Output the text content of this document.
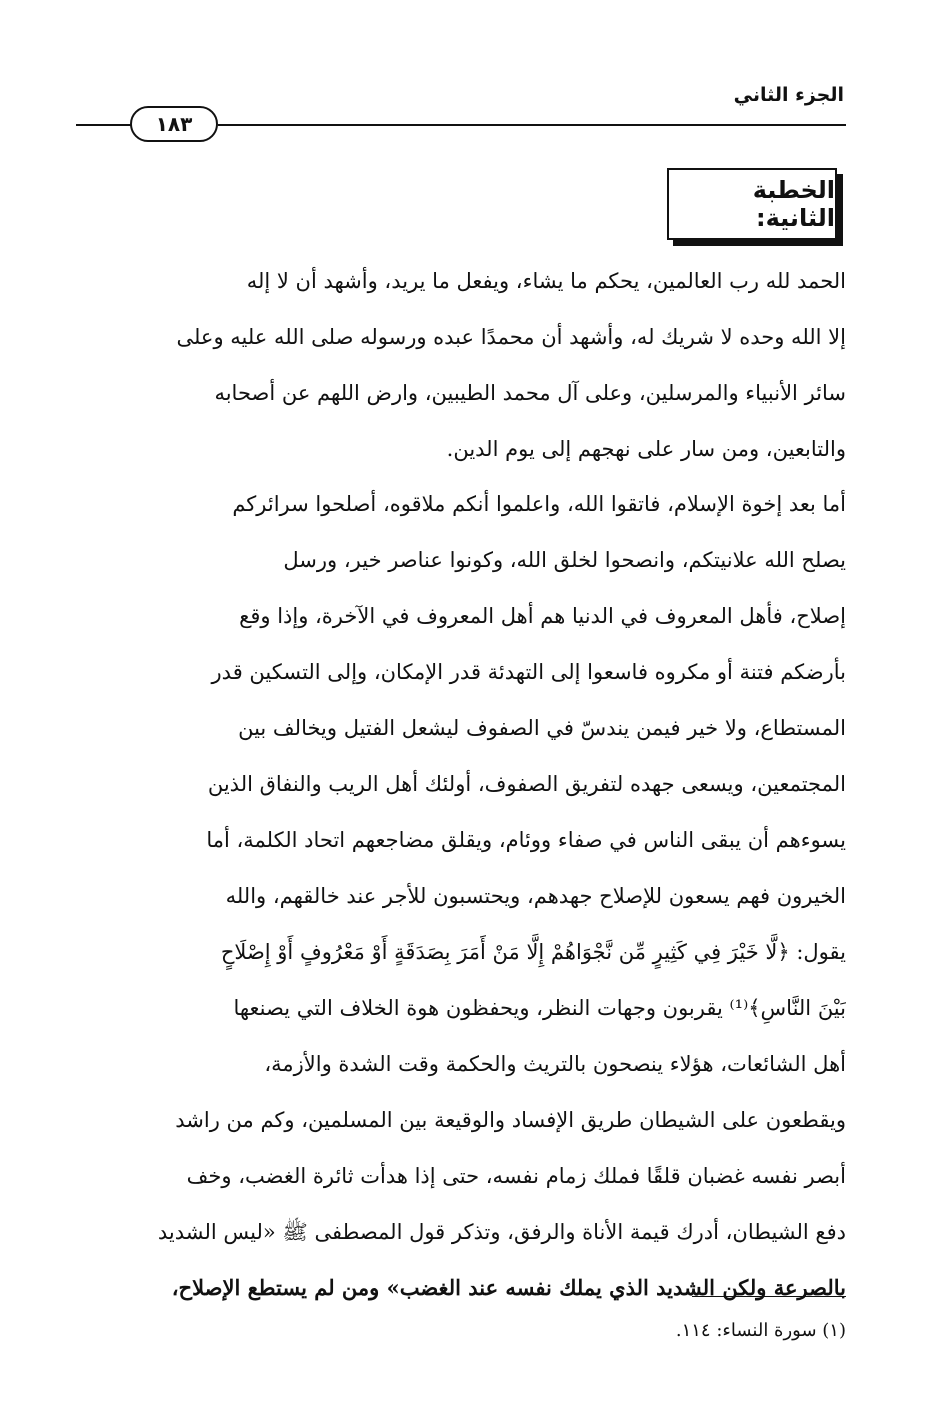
الجزء الثاني
١٨٣
الخطبة الثانية:
الحمد لله رب العالمين، يحكم ما يشاء، ويفعل ما يريد، وأشهد أن لا إله
إلا الله وحده لا شريك له، وأشهد أن محمدًا عبده ورسوله صلى الله عليه وعلى
سائر الأنبياء والمرسلين، وعلى آل محمد الطيبين، وارض اللهم عن أصحابه
والتابعين، ومن سار على نهجهم إلى يوم الدين.
أما بعد إخوة الإسلام، فاتقوا الله، واعلموا أنكم ملاقوه، أصلحوا سرائركم
يصلح الله علانيتكم، وانصحوا لخلق الله، وكونوا عناصر خير، ورسل
إصلاح، فأهل المعروف في الدنيا هم أهل المعروف في الآخرة، وإذا وقع
بأرضكم فتنة أو مكروه فاسعوا إلى التهدئة قدر الإمكان، وإلى التسكين قدر
المستطاع، ولا خير فيمن يندسّ في الصفوف ليشعل الفتيل ويخالف بين
المجتمعين، ويسعى جهده لتفريق الصفوف، أولئك أهل الريب والنفاق الذين
يسوءهم أن يبقى الناس في صفاء ووئام، ويقلق مضاجعهم اتحاد الكلمة، أما
الخيرون فهم يسعون للإصلاح جهدهم، ويحتسبون للأجر عند خالقهم، والله
يقول: ﴿لَّا خَيْرَ فِي كَثِيرٍ مِّن نَّجْوَاهُمْ إِلَّا مَنْ أَمَرَ بِصَدَقَةٍ أَوْ مَعْرُوفٍ أَوْ إِصْلَاحٍ
بَيْنَ النَّاسِ﴾⁽¹⁾ يقربون وجهات النظر، ويحفظون هوة الخلاف التي يصنعها
أهل الشائعات، هؤلاء ينصحون بالتريث والحكمة وقت الشدة والأزمة،
ويقطعون على الشيطان طريق الإفساد والوقيعة بين المسلمين، وكم من راشد
أبصر نفسه غضبان قلقًا فملك زمام نفسه، حتى إذا هدأت ثائرة الغضب، وخف
دفع الشيطان، أدرك قيمة الأناة والرفق، وتذكر قول المصطفى ﷺ «ليس الشديد
بالصرعة ولكن الشديد الذي يملك نفسه عند الغضب» ومن لم يستطع الإصلاح،
(١) سورة النساء: ١١٤.
